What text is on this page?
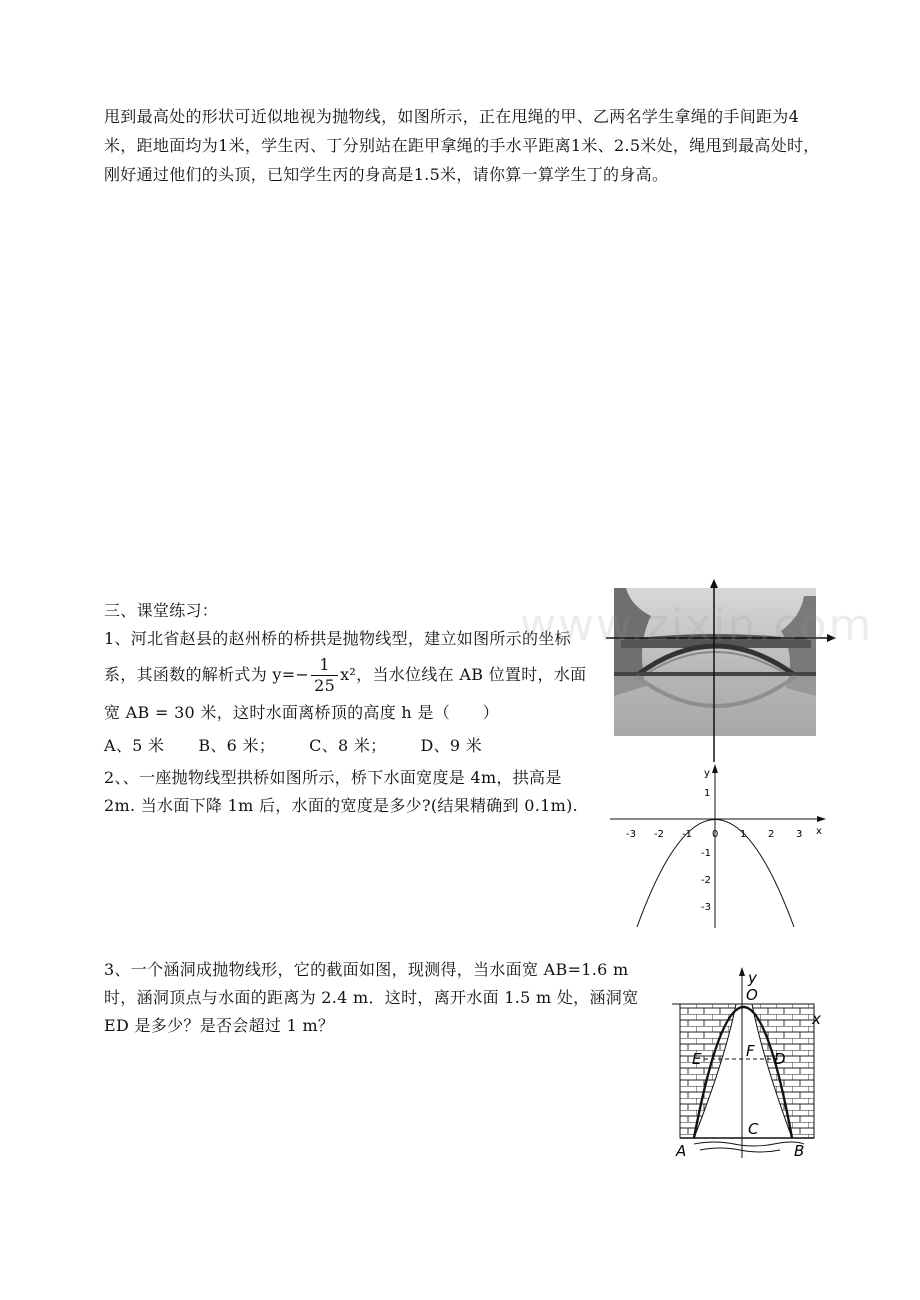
甩到最高处的形状可近似地视为抛物线，如图所示，正在甩绳的甲、乙两名学生拿绳的手间距为4米，距地面均为1米，学生丙、丁分别站在距甲拿绳的手水平距离1米、2.5米处，绳甩到最高处时，刚好通过他们的头顶，已知学生丙的身高是1.5米，请你算一算学生丁的身高。
三、课堂练习：
1、河北省赵县的赵州桥的桥拱是抛物线型，建立如图所示的坐标系，其函数的解析式为 $y=- \frac{1}{25} x^2$，当水位线在 AB 位置时，水面宽 AB = 30 米，这时水面离桥顶的高度 h 是（　　）
A、5 米 B、6 米； C、8 米； D、9 米
2、、一座抛物线型拱桥如图所示，桥下水面宽度是 4m，拱高是 2m. 当水面下降 1m 后，水面的宽度是多少?(结果精确到 0.1m).
3、一个涵洞成抛物线形，它的截面如图，现测得，当水面宽 AB=1.6 m 时，涵洞顶点与水面的距离为 2.4 m．这时，离开水面 1.5 m 处，涵洞宽 ED 是多少？是否会超过 1 m？
www.zixin.com
y
x
-3 -2 -1 0 1 2 3
1
-1
-2
-3
y
O
x
E	F D
C
A	B
